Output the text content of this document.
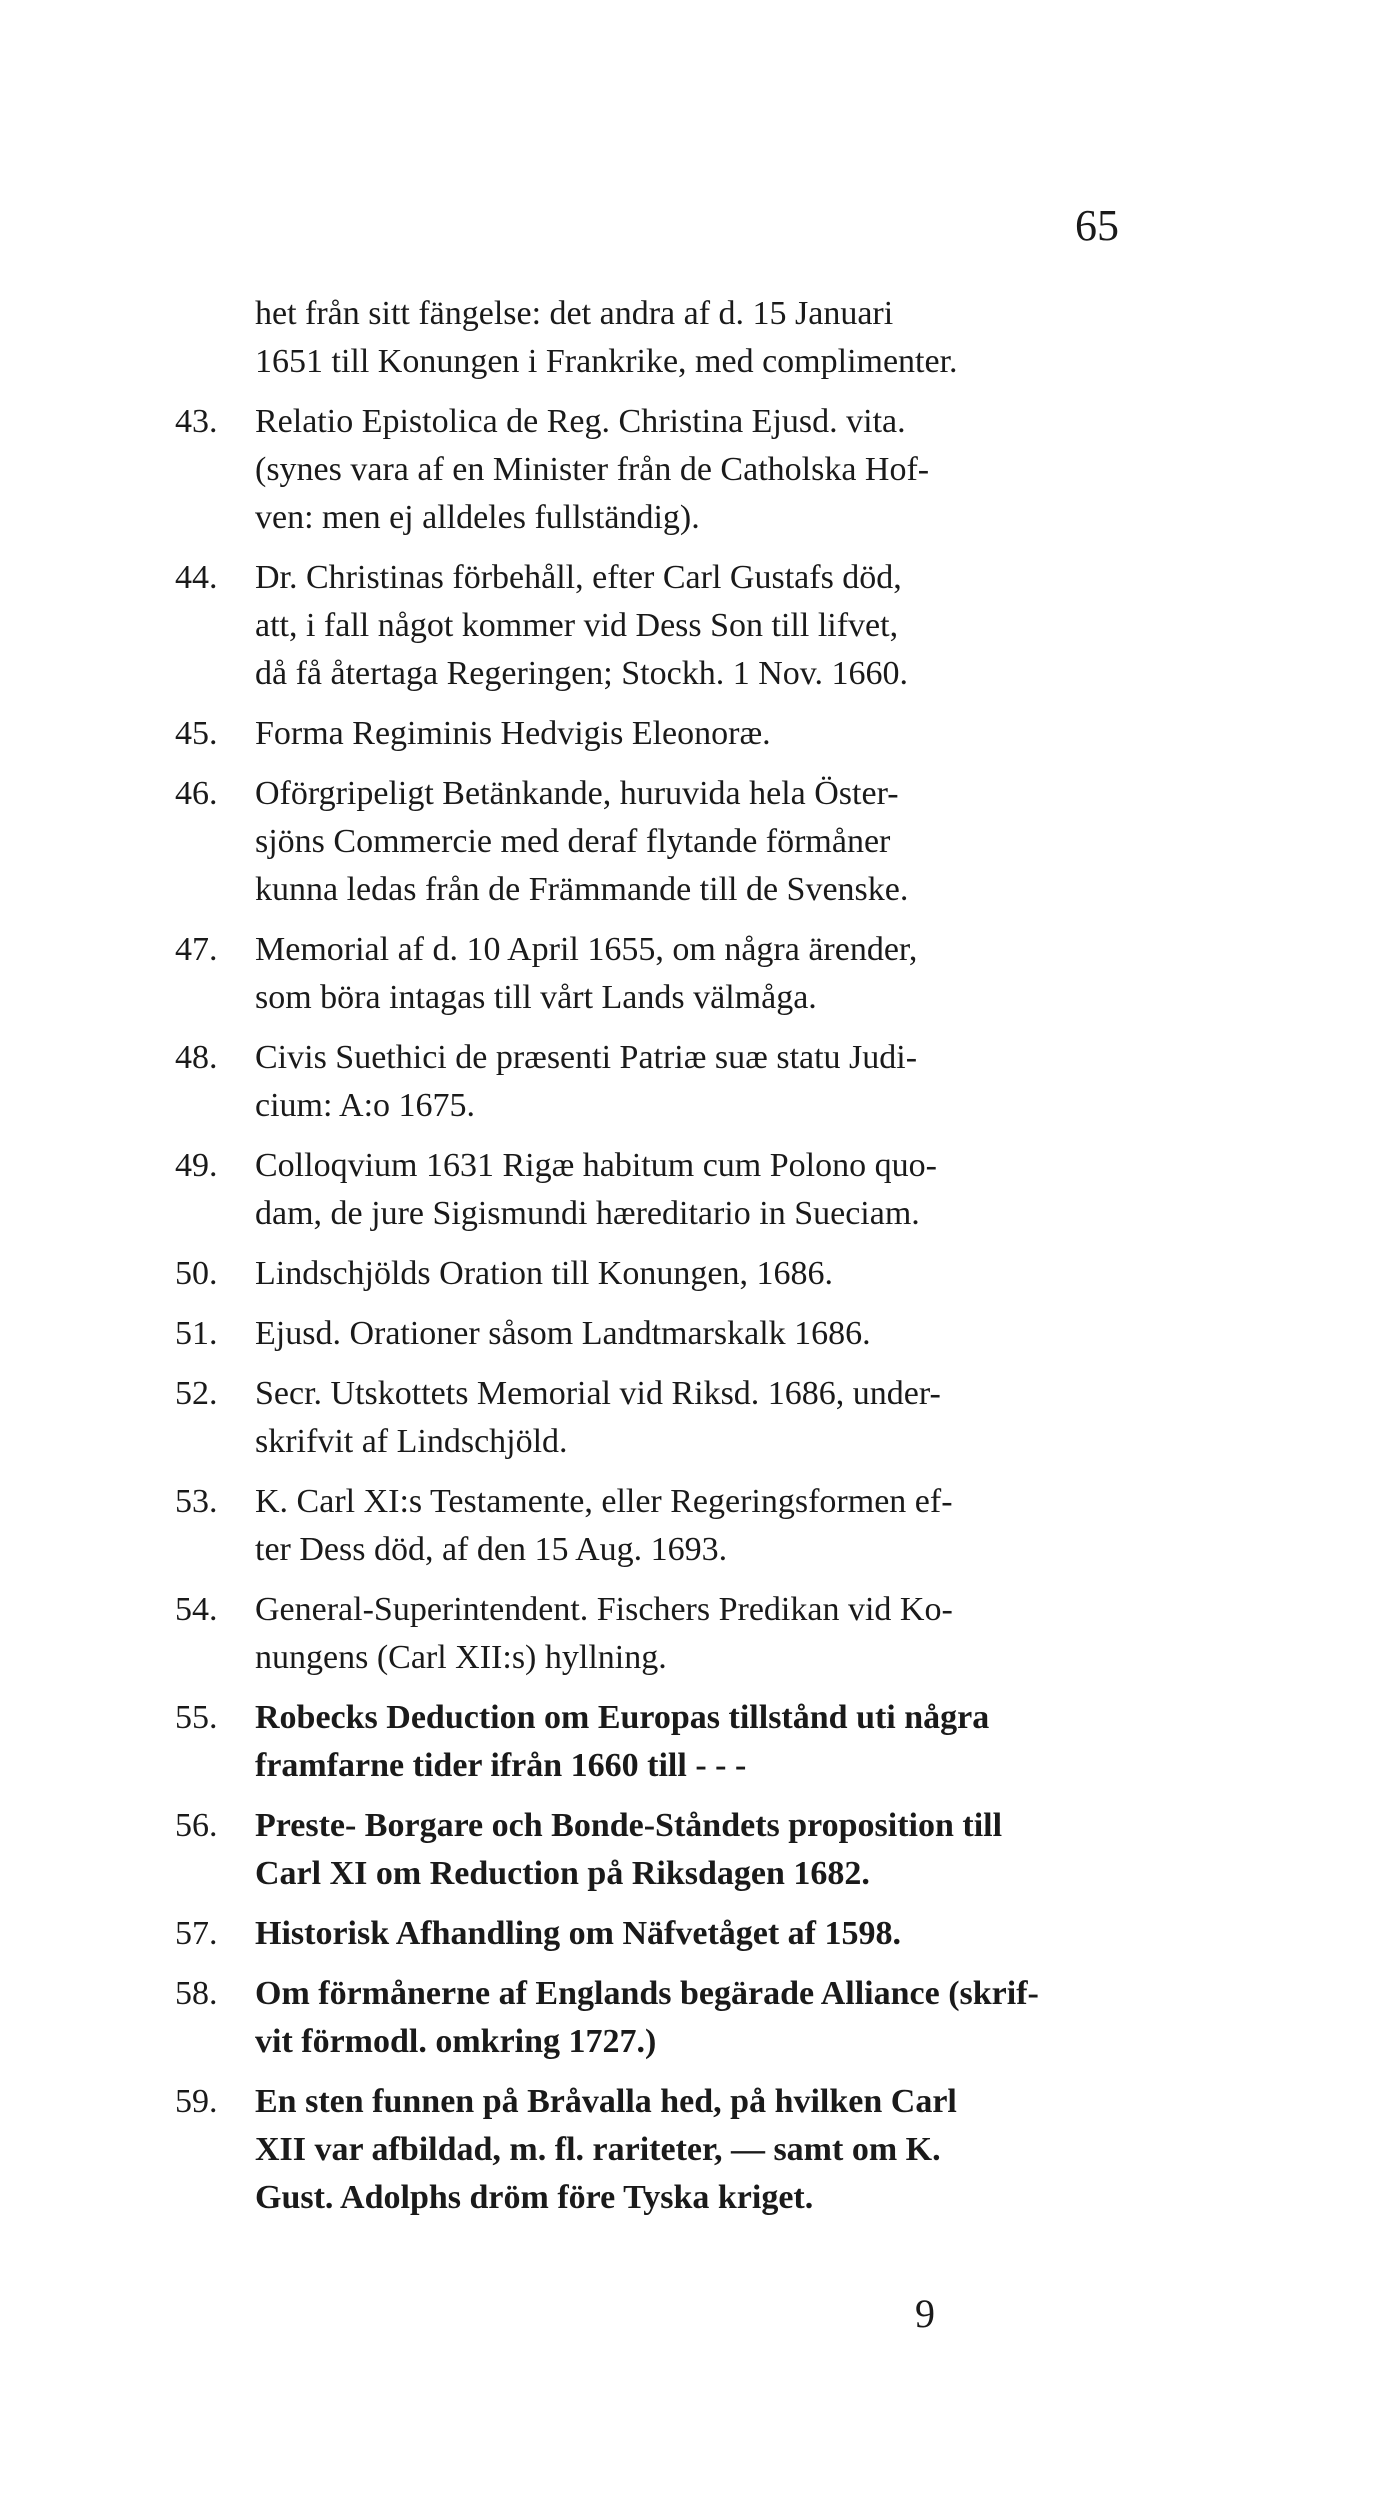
65
het från sitt fängelse: det andra af d. 15 Januari
1651 till Konungen i Frankrike, med complimenter.
43. Relatio Epistolica de Reg. Christina Ejusd. vita.
(synes vara af en Minister från de Catholska Hof-
ven: men ej alldeles fullständig).
44. Dr. Christinas förbehåll, efter Carl Gustafs död,
att, i fall något kommer vid Dess Son till lifvet,
då få återtaga Regeringen; Stockh. 1 Nov. 1660.
45. Forma Regiminis Hedvigis Eleonoræ.
46. Oförgripeligt Betänkande, huruvida hela Öster-
sjöns Commercie med deraf flytande förmåner
kunna ledas från de Främmande till de Svenske.
47. Memorial af d. 10 April 1655, om några ärender,
som böra intagas till vårt Lands välmåga.
48. Civis Suethici de præsenti Patriæ suæ statu Judi-
cium: A:o 1675.
49. Colloqvium 1631 Rigæ habitum cum Polono quo-
dam, de jure Sigismundi hæreditario in Sueciam.
50. Lindschjölds Oration till Konungen, 1686.
51. Ejusd. Orationer såsom Landtmarskalk 1686.
52. Secr. Utskottets Memorial vid Riksd. 1686, under-
skrifvit af Lindschjöld.
53. K. Carl XI:s Testamente, eller Regeringsformen ef-
ter Dess död, af den 15 Aug. 1693.
54. General-Superintendent. Fischers Predikan vid Ko-
nungens (Carl XII:s) hyllning.
55. Robecks Deduction om Europas tillstånd uti några
framfarne tider ifrån 1660 till - - -
56. Preste- Borgare och Bonde-Ståndets proposition till
Carl XI om Reduction på Riksdagen 1682.
57. Historisk Afhandling om Näfvetåget af 1598.
58. Om förmånerne af Englands begärade Alliance (skrif-
vit förmodl. omkring 1727.)
59. En sten funnen på Bråvalla hed, på hvilken Carl
XII var afbildad, m. fl. rariteter, — samt om K.
Gust. Adolphs dröm före Tyska kriget.
9
